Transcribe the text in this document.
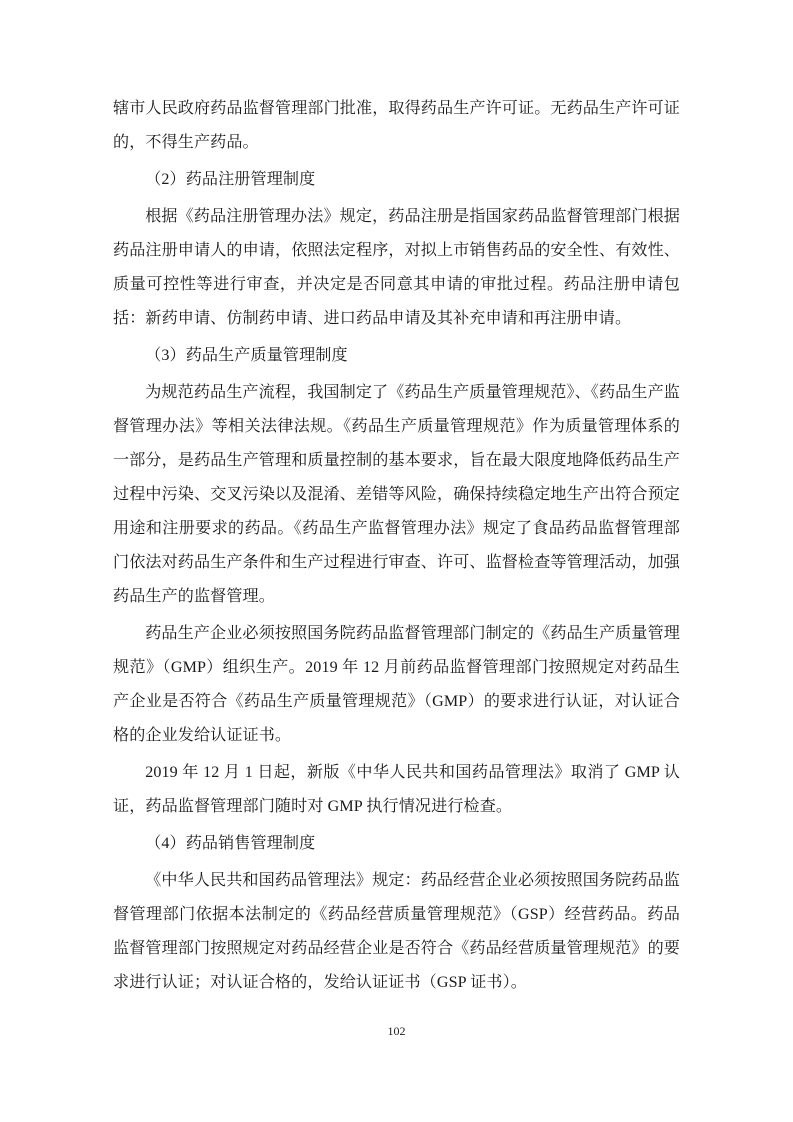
辖市人民政府药品监督管理部门批准，取得药品生产许可证。无药品生产许可证的，不得生产药品。

（2）药品注册管理制度

根据《药品注册管理办法》规定，药品注册是指国家药品监督管理部门根据药品注册申请人的申请，依照法定程序，对拟上市销售药品的安全性、有效性、质量可控性等进行审查，并决定是否同意其申请的审批过程。药品注册申请包括：新药申请、仿制药申请、进口药品申请及其补充申请和再注册申请。

（3）药品生产质量管理制度

为规范药品生产流程，我国制定了《药品生产质量管理规范》、《药品生产监督管理办法》等相关法律法规。《药品生产质量管理规范》作为质量管理体系的一部分，是药品生产管理和质量控制的基本要求，旨在最大限度地降低药品生产过程中污染、交叉污染以及混淆、差错等风险，确保持续稳定地生产出符合预定用途和注册要求的药品。《药品生产监督管理办法》规定了食品药品监督管理部门依法对药品生产条件和生产过程进行审查、许可、监督检查等管理活动，加强药品生产的监督管理。

药品生产企业必须按照国务院药品监督管理部门制定的《药品生产质量管理规范》（GMP）组织生产。2019 年 12 月前药品监督管理部门按照规定对药品生产企业是否符合《药品生产质量管理规范》（GMP）的要求进行认证，对认证合格的企业发给认证证书。

2019 年 12 月 1 日起，新版《中华人民共和国药品管理法》取消了 GMP 认证，药品监督管理部门随时对 GMP 执行情况进行检查。

（4）药品销售管理制度

《中华人民共和国药品管理法》规定：药品经营企业必须按照国务院药品监督管理部门依据本法制定的《药品经营质量管理规范》（GSP）经营药品。药品监督管理部门按照规定对药品经营企业是否符合《药品经营质量管理规范》的要求进行认证；对认证合格的，发给认证证书（GSP 证书）。

102
